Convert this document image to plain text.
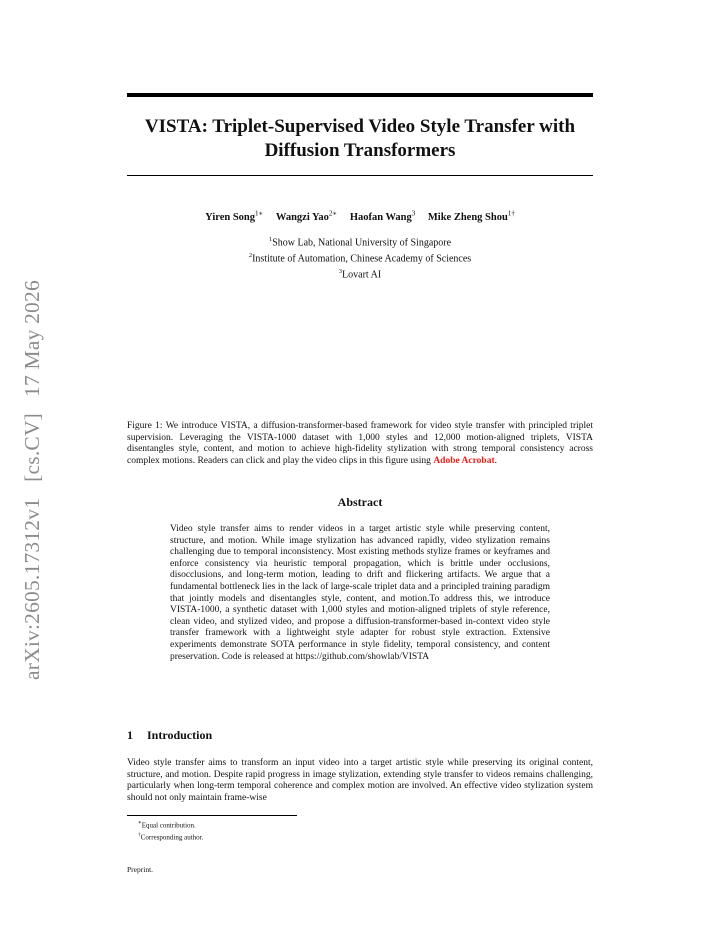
arXiv:2605.17312v1[cs.CV]17 May 2026
VISTA: Triplet-Supervised Video Style Transfer with Diffusion Transformers
Yiren Song$^{1∗}$ Wangzi Yao$^{2∗}$ Haofan Wang$^3$ Mike Zheng Shou$^{1\dagger}$
$^1$Show Lab, National University of Singapore
$^2$Institute of Automation, Chinese Academy of Sciences
$^3$Lovart AI
Figure 1: We introduce VISTA, a diffusion-transformer-based framework for video style transfer with principled triplet supervision. Leveraging the VISTA-1000 dataset with 1,000 styles and 12,000 motion-aligned triplets, VISTA disentangles style, content, and motion to achieve high-fidelity stylization with strong temporal consistency across complex motions. Readers can click and play the video clips in this figure using Adobe Acrobat.
Abstract
Video style transfer aims to render videos in a target artistic style while preserving content, structure, and motion. While image stylization has advanced rapidly, video stylization remains challenging due to temporal inconsistency. Most existing methods stylize frames or keyframes and enforce consistency via heuristic temporal propagation, which is brittle under occlusions, disocclusions, and long-term motion, leading to drift and flickering artifacts. We argue that a fundamental bottleneck lies in the lack of large-scale triplet data and a principled training paradigm that jointly models and disentangles style, content, and motion.To address this, we introduce VISTA-1000, a synthetic dataset with 1,000 styles and motion-aligned triplets of style reference, clean video, and stylized video, and propose a diffusion-transformer-based in-context video style transfer framework with a lightweight style adapter for robust style extraction. Extensive experiments demonstrate SOTA performance in style fidelity, temporal consistency, and content preservation. Code is released at https://github.com/showlab/VISTA
1 Introduction
Video style transfer aims to transform an input video into a target artistic style while preserving its original content, structure, and motion. Despite rapid progress in image stylization, extending style transfer to videos remains challenging, particularly when long-term temporal coherence and complex motion are involved. An effective video stylization system should not only maintain frame-wise
∗Equal contribution.
†Corresponding author.
Preprint.
